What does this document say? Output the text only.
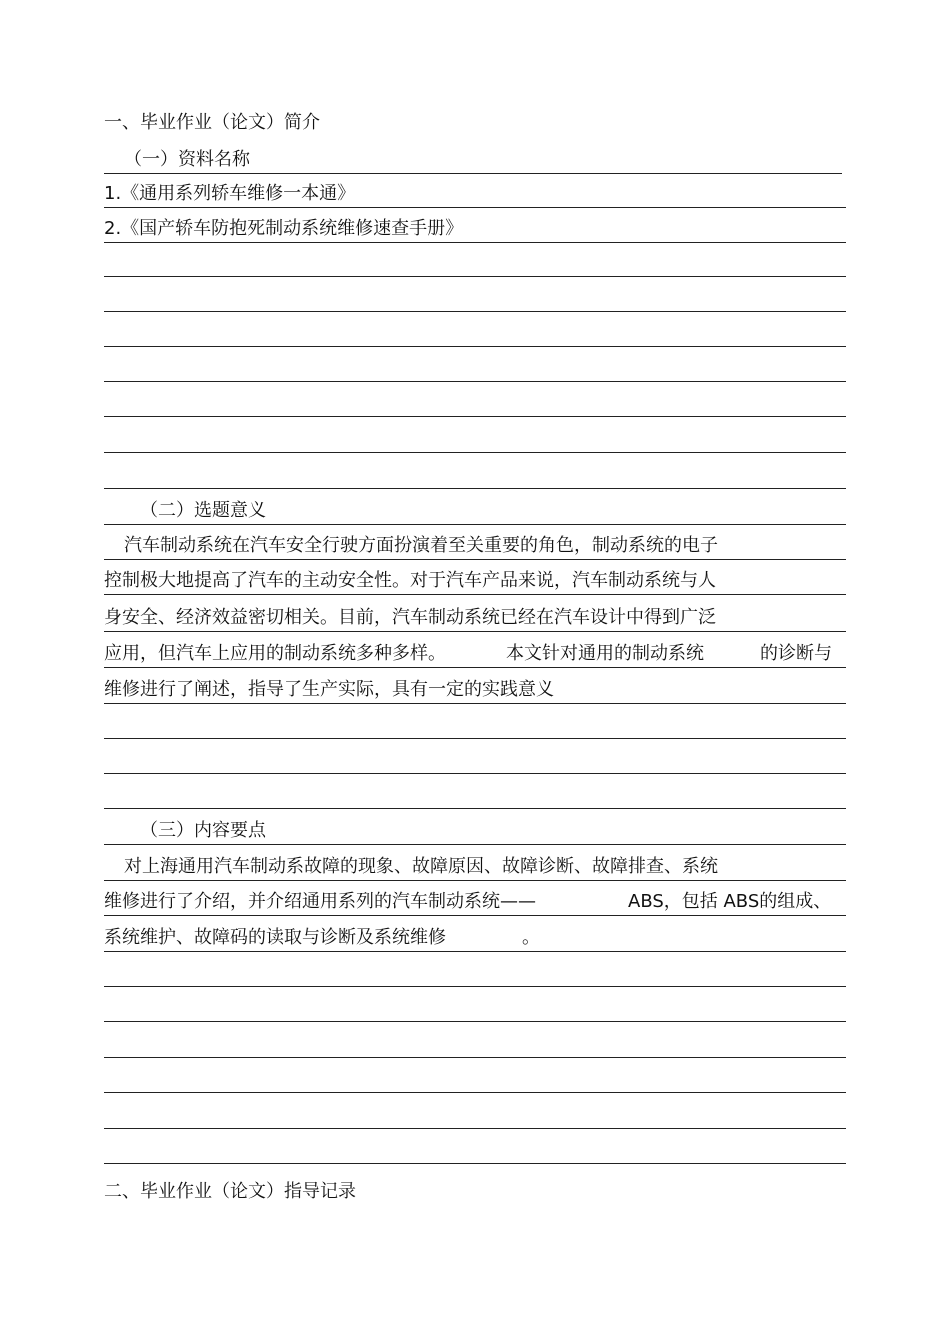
一、毕业作业（论文）简介
（一）资料名称
1.《通用系列轿车维修一本通》
2.《国产轿车防抱死制动系统维修速查手册》
（二）选题意义
汽车制动系统在汽车安全行驶方面扮演着至关重要的角色，制动系统的电子
控制极大地提高了汽车的主动安全性。对于汽车产品来说，汽车制动系统与人
身安全、经济效益密切相关。目前，汽车制动系统已经在汽车设计中得到广泛
应用，但汽车上应用的制动系统多种多样。	本文针对通用的制动系统	的诊断与
维修进行了阐述，指导了生产实际，具有一定的实践意义
（三）内容要点
对上海通用汽车制动系故障的现象、故障原因、故障诊断、故障排查、系统
维修进行了介绍，并介绍通用系列的汽车制动系统——	ABS，包括 ABS的组成、
系统维护、故障码的读取与诊断及系统维修	。
二、毕业作业（论文）指导记录
